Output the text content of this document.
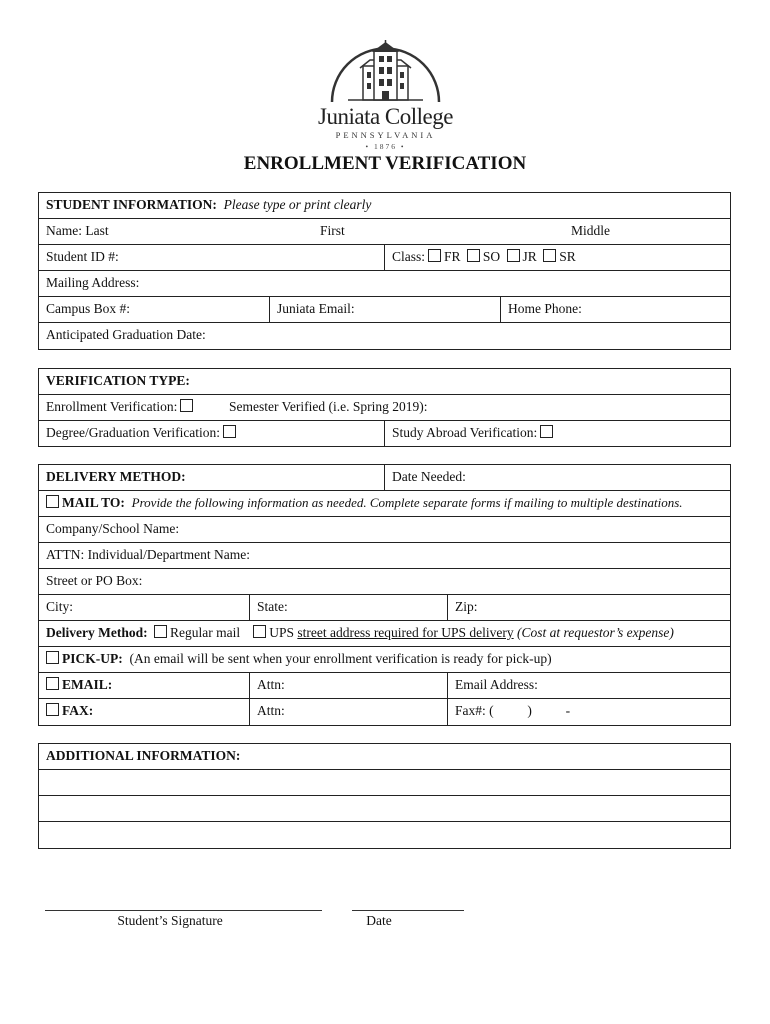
Juniata College
PENNSYLVANIA
• 1876 •
ENROLLMENT VERIFICATION
STUDENT INFORMATION: Please type or print clearly
Name: Last	First	Middle
Student ID #:	Class: FR SO JR SR
Mailing Address:
Campus Box #:	Juniata Email:	Home Phone:
Anticipated Graduation Date:
VERIFICATION TYPE:
Enrollment Verification:	Semester Verified (i.e. Spring 2019):
Degree/Graduation Verification:	Study Abroad Verification:
DELIVERY METHOD:	Date Needed:
MAIL TO: Provide the following information as needed. Complete separate forms if mailing to multiple destinations.
Company/School Name:
ATTN: Individual/Department Name:
Street or PO Box:
City:	State:	Zip:
Delivery Method: Regular mail UPS street address required for UPS delivery (Cost at requestor’s expense)
PICK-UP: (An email will be sent when your enrollment verification is ready for pick-up)
EMAIL:	Attn:	Email Address:
FAX:	Attn:	Fax#: (          )          -
ADDITIONAL INFORMATION:
Student’s Signature	Date
